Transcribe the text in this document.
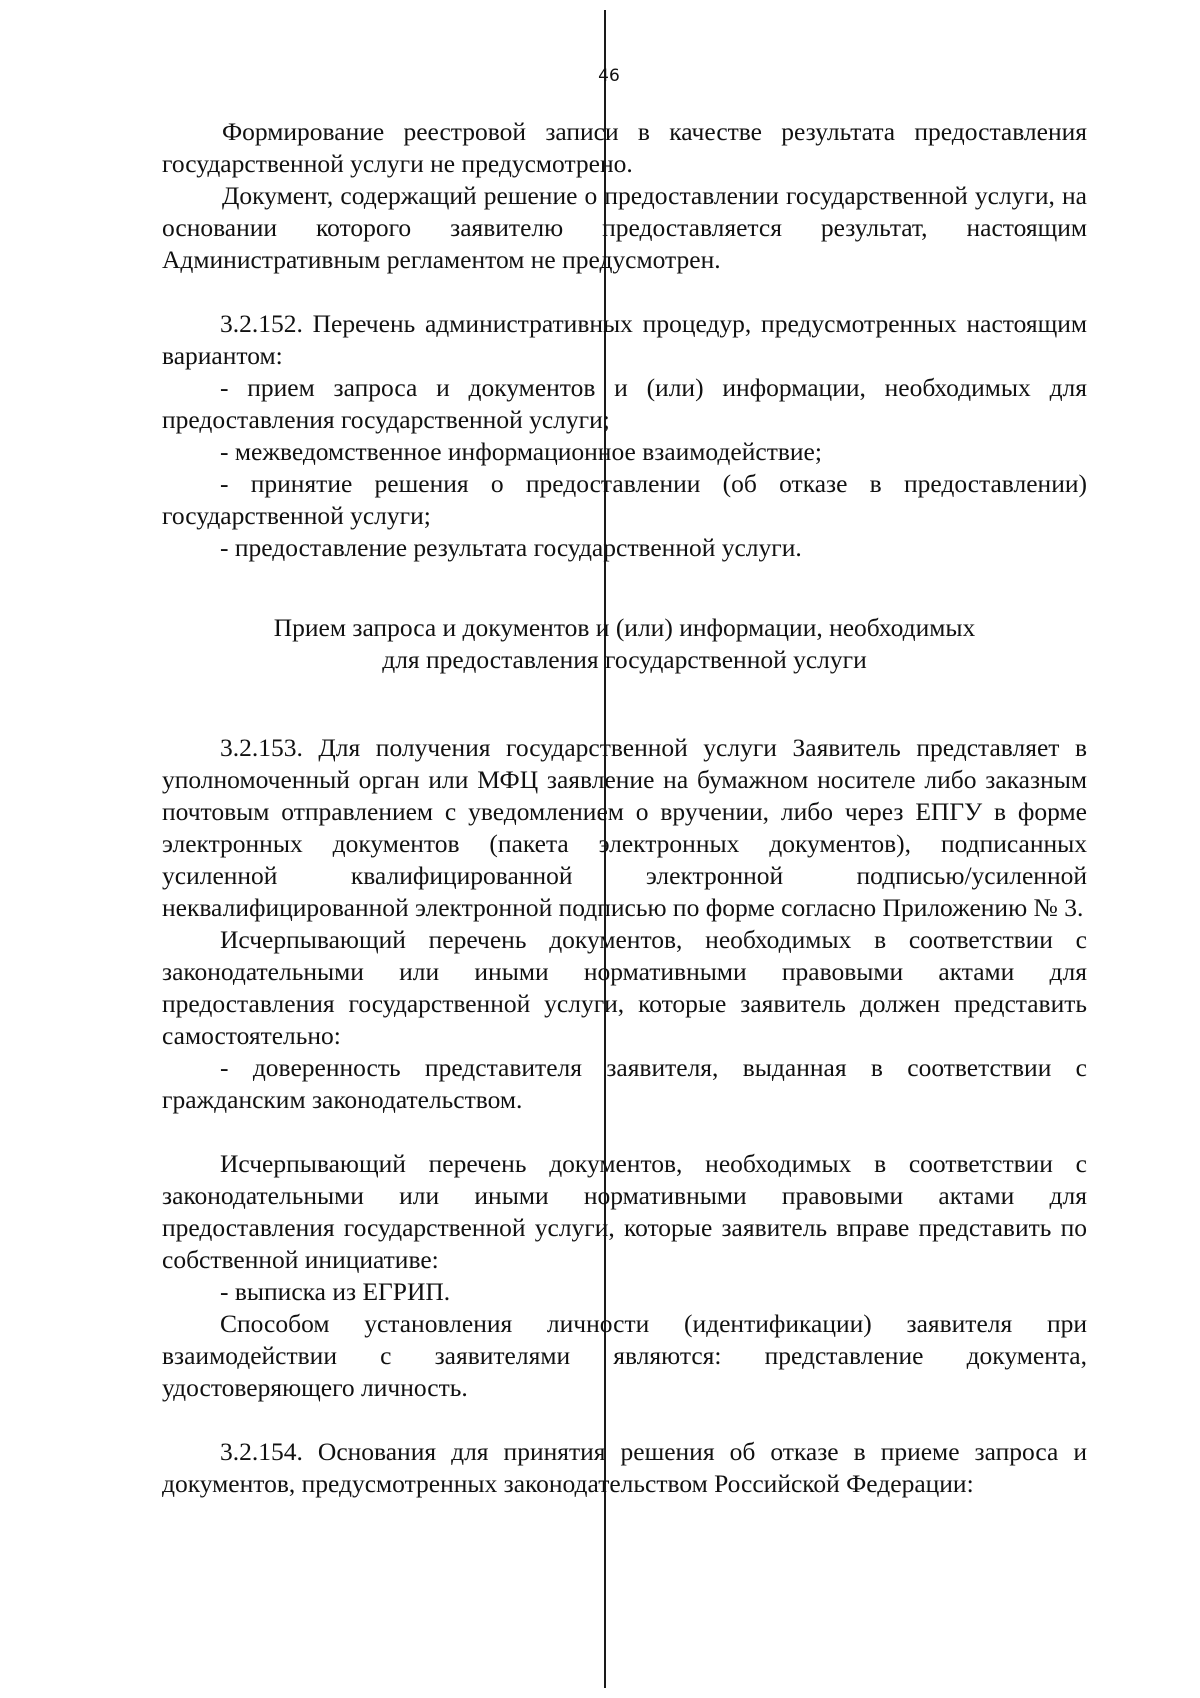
46

Формирование реестровой записи в качестве результата предоставления государственной услуги не предусмотрено.

Документ, содержащий решение о предоставлении государственной услуги, на основании которого заявителю предоставляется результат, настоящим Административным регламентом не предусмотрен.

3.2.152. Перечень административных процедур, предусмотренных настоящим вариантом:

- прием запроса и документов и (или) информации, необходимых для предоставления государственной услуги;

- межведомственное информационное взаимодействие;

- принятие решения о предоставлении (об отказе в предоставлении) государственной услуги;

- предоставление результата государственной услуги.

Прием запроса и документов и (или) информации, необходимых

для предоставления государственной услуги

3.2.153. Для получения государственной услуги Заявитель представляет в уполномоченный орган или МФЦ заявление на бумажном носителе либо заказным почтовым отправлением с уведомлением о вручении, либо через ЕПГУ в форме электронных документов (пакета электронных документов), подписанных усиленной квалифицированной электронной подписью/усиленной неквалифицированной электронной подписью по форме согласно Приложению № 3.

Исчерпывающий перечень документов, необходимых в соответствии с законодательными или иными нормативными правовыми актами для предоставления государственной услуги, которые заявитель должен представить самостоятельно:

- доверенность представителя заявителя, выданная в соответствии с гражданским законодательством.

Исчерпывающий перечень документов, необходимых в соответствии с законодательными или иными нормативными правовыми актами для предоставления государственной услуги, которые заявитель вправе представить по собственной инициативе:

- выписка из ЕГРИП.

Способом установления личности (идентификации) заявителя при взаимодействии с заявителями являются: представление документа, удостоверяющего личность.

3.2.154. Основания для принятия решения об отказе в приеме запроса и документов, предусмотренных законодательством Российской Федерации:
